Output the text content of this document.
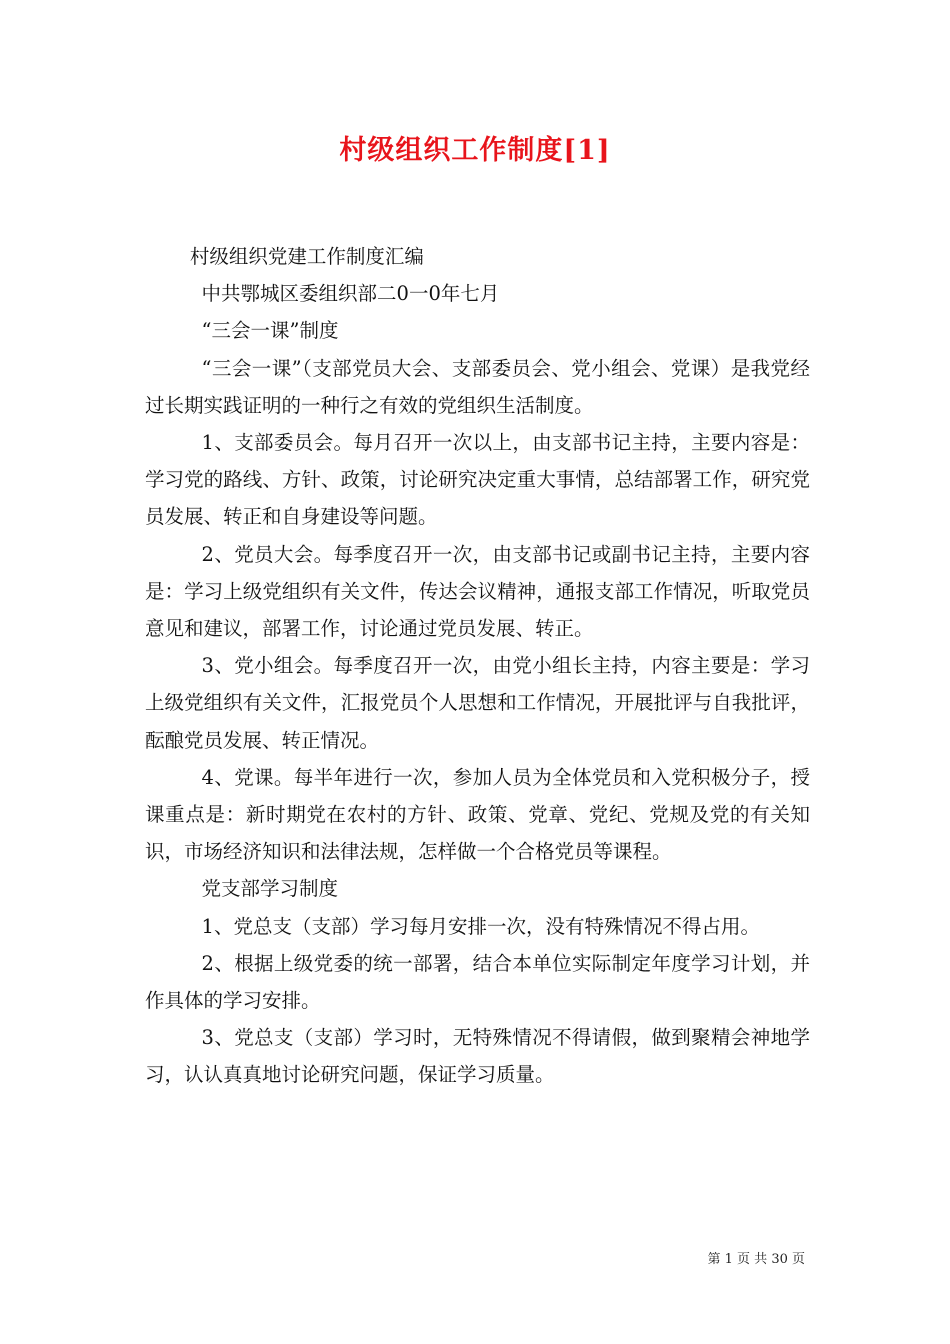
村级组织工作制度[1]

村级组织党建工作制度汇编

中共鄂城区委组织部二0一0年七月

“三会一课”制度

“三会一课”（支部党员大会、支部委员会、党小组会、党课）是我党经过长期实践证明的一种行之有效的党组织生活制度。

1、支部委员会。每月召开一次以上，由支部书记主持，主要内容是：学习党的路线、方针、政策，讨论研究决定重大事情，总结部署工作，研究党员发展、转正和自身建设等问题。

2、党员大会。每季度召开一次，由支部书记或副书记主持，主要内容是：学习上级党组织有关文件，传达会议精神，通报支部工作情况，听取党员意见和建议，部署工作，讨论通过党员发展、转正。

3、党小组会。每季度召开一次，由党小组长主持，内容主要是：学习上级党组织有关文件，汇报党员个人思想和工作情况，开展批评与自我批评，酝酿党员发展、转正情况。

4、党课。每半年进行一次，参加人员为全体党员和入党积极分子，授课重点是：新时期党在农村的方针、政策、党章、党纪、党规及党的有关知识，市场经济知识和法律法规，怎样做一个合格党员等课程。

党支部学习制度

1、党总支（支部）学习每月安排一次，没有特殊情况不得占用。

2、根据上级党委的统一部署，结合本单位实际制定年度学习计划，并作具体的学习安排。

3、党总支（支部）学习时，无特殊情况不得请假，做到聚精会神地学习，认认真真地讨论研究问题，保证学习质量。

第 1 页 共 30 页
